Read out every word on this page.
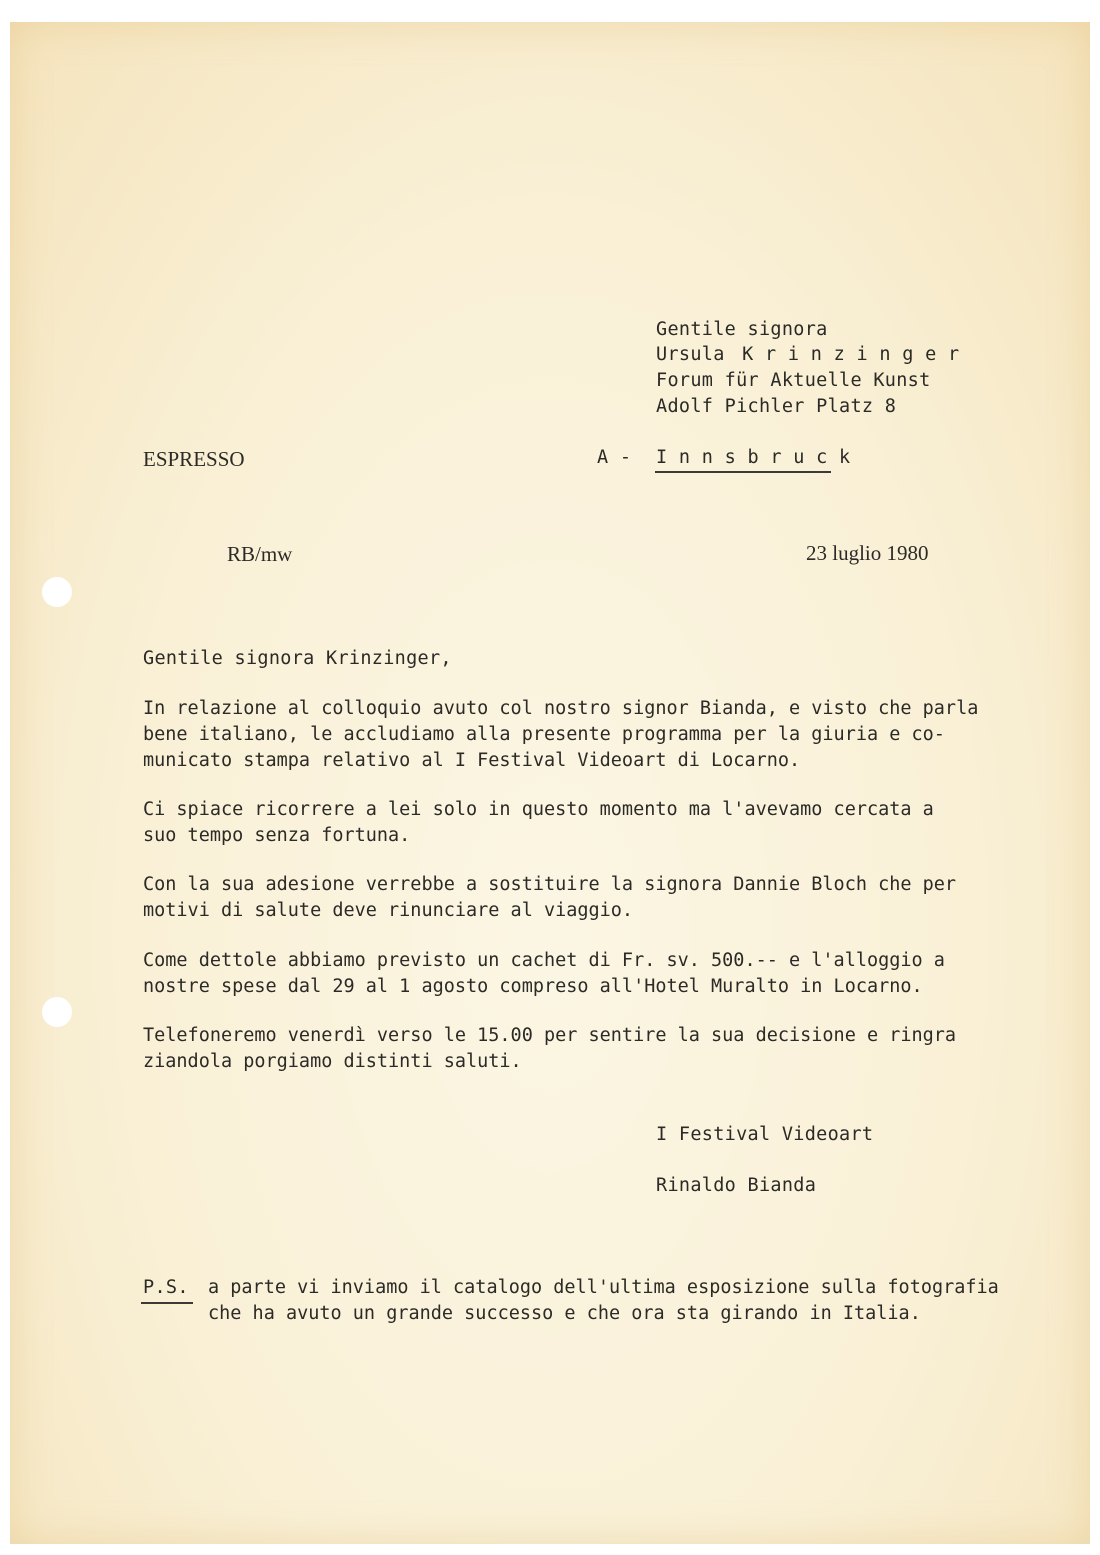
Gentile signora
Ursula K r i n z i n g e r
Forum für Aktuelle Kunst
Adolf Pichler Platz 8
ESPRESSO	A - I n n s b r u c k
RB/mw	23 luglio 1980
Gentile signora Krinzinger,

In relazione al colloquio avuto col nostro signor Bianda, e visto che parla

bene italiano, le accludiamo alla presente programma per la giuria e co-

municato stampa relativo al I Festival Videoart di Locarno.

Ci spiace ricorrere a lei solo in questo momento ma l'avevamo cercata a

suo tempo senza fortuna.

Con la sua adesione verrebbe a sostituire la signora Dannie Bloch che per

motivi di salute deve rinunciare al viaggio.

Come dettole abbiamo previsto un cachet di Fr. sv. 500.-- e l'alloggio a

nostre spese dal 29 al 1 agosto compreso all'Hotel Muralto in Locarno.

Telefoneremo venerdì verso le 15.00 per sentire la sua decisione e ringra

ziandola porgiamo distinti saluti.

I Festival Videoart
Rinaldo Bianda
P.S. a parte vi inviamo il catalogo dell'ultima esposizione sulla fotografia

che ha avuto un grande successo e che ora sta girando in Italia.
